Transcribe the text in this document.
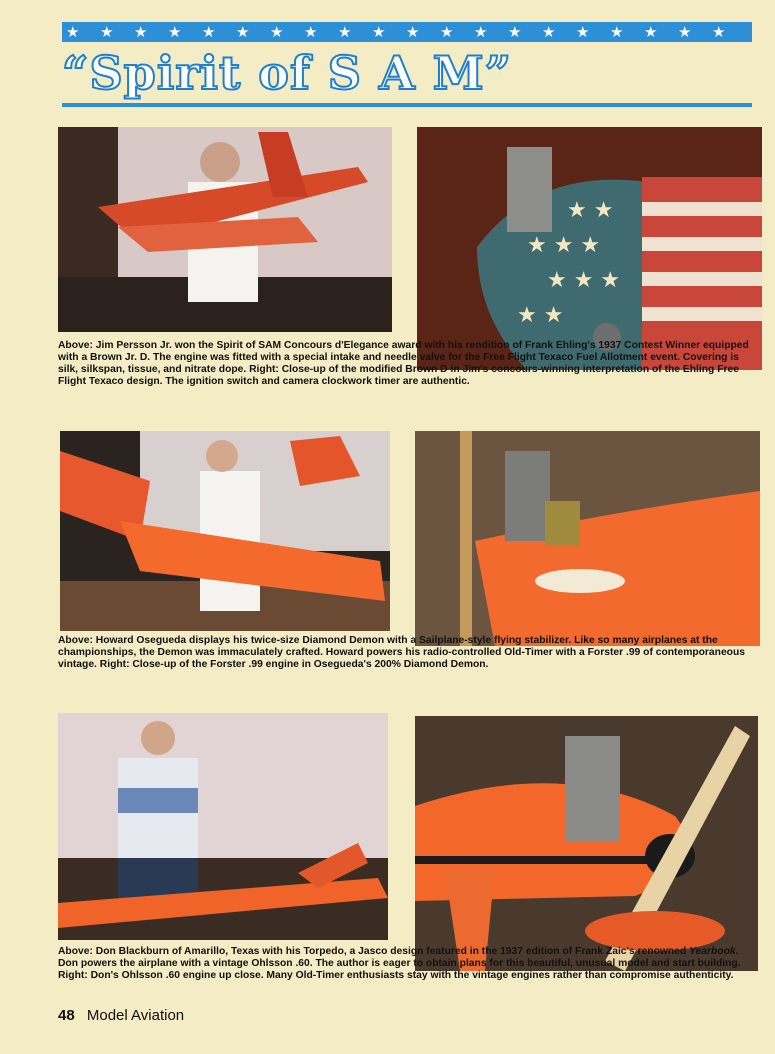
★ ★ ★ ★ ★ ★ ★ ★ ★ ★ ★ ★ ★ ★ ★ ★ ★ ★ ★ ★
“Spirit of S A M”
★ ★
★ ★ ★
★ ★ ★
★ ★
Above: Jim Persson Jr. won the Spirit of SAM Concours d'Elegance award with his rendition of Frank Ehling's 1937 Contest Winner equipped with a Brown Jr. D. The engine was fitted with a special intake and needle valve for the Free Flight Texaco Fuel Allotment event. Covering is silk, silkspan, tissue, and nitrate dope. Right: Close-up of the modified Brown D in Jim's concours-winning interpretation of the Ehling Free Flight Texaco design. The ignition switch and camera clockwork timer are authentic.
Above: Howard Osegueda displays his twice-size Diamond Demon with a Sailplane-style flying stabilizer. Like so many airplanes at the championships, the Demon was immaculately crafted. Howard powers his radio-controlled Old-Timer with a Forster .99 of contemporaneous vintage. Right: Close-up of the Forster .99 engine in Osegueda's 200% Diamond Demon.
Above: Don Blackburn of Amarillo, Texas with his Torpedo, a Jasco design featured in the 1937 edition of Frank Zaic's renowned Yearbook. Don powers the airplane with a vintage Ohlsson .60. The author is eager to obtain plans for this beautiful, unusual model and start building. Right: Don's Ohlsson .60 engine up close. Many Old-Timer enthusiasts stay with the vintage engines rather than compromise authenticity.
48 Model Aviation
